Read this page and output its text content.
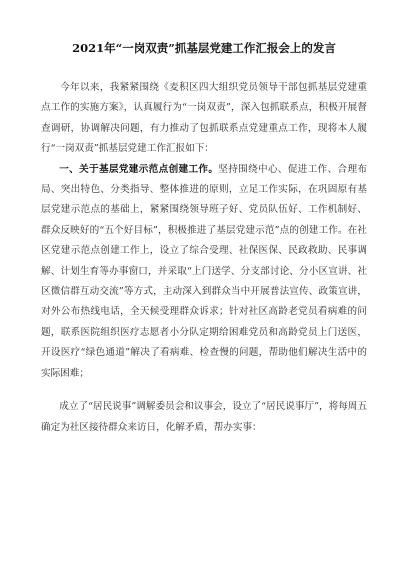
2021年“一岗双责”抓基层党建工作汇报会上的发言

今年以来，我紧紧围绕《麦积区四大组织党员领导干部包抓基层党建重点工作的实施方案》，认真履行为“一岗双责”，深入包抓联系点，积极开展督查调研，协调解决问题，有力推动了包抓联系点党建重点工作，现将本人履行“一岗双责”抓基层党建工作汇报如下：

一、关于基层党建示范点创建工作。坚持围绕中心、促进工作、合理布局、突出特色、分类指导、整体推进的原则，立足工作实际，在巩固原有基层党建示范点的基础上，紧紧围绕领导班子好、党员队伍好、工作机制好、群众反映好的“五个好目标”，积极推进了基层党建示范”点的创建工作。在社区党建示范点创建工作上，设立了综合受理、社保医保、民政救助、民事调解、计划生育等办事窗口，并采取“上门送学、分支部讨论、分小区宣讲、社区微信群互动交流”等方式，主动深入到群众当中开展普法宣传、政策宣讲，对外公布热线电话，全天候受理群众诉求；针对社区高龄老党员看病难的问题，联系医院组织医疗志愿者小分队定期给困难党员和高龄党员上门送医，开设医疗“绿色通道”解决了看病难、检查慢的问题，帮助他们解决生活中的实际困难；

成立了“居民说事”调解委员会和议事会，设立了“居民说事厅”，将每周五确定为社区接待群众来访日，化解矛盾，帮办实事：
